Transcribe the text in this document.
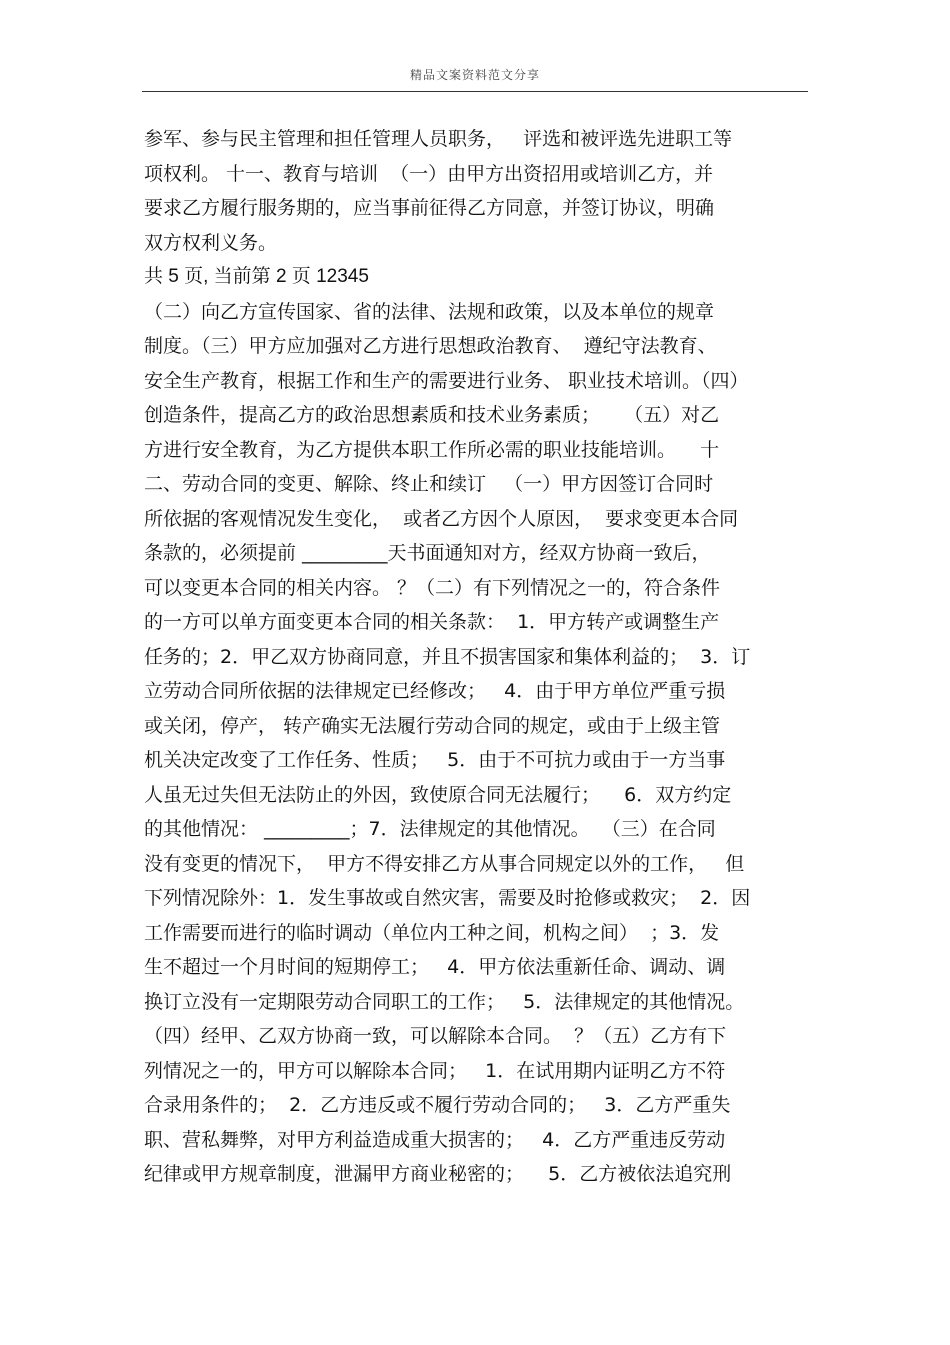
精品文案资料范文分享
参军、参与民主管理和担任管理人员职务，   评选和被评选先进职工等
项权利。 十一、教育与培训  （一）由甲方出资招用或培训乙方，并
要求乙方履行服务期的，应当事前征得乙方同意，并签订协议，明确
双方权利义务。
共 5 页, 当前第 2 页 12345
（二）向乙方宣传国家、省的法律、法规和政策，以及本单位的规章
制度。（三）甲方应加强对乙方进行思想政治教育、  遵纪守法教育、
安全生产教育，根据工作和生产的需要进行业务、 职业技术培训。（四）
创造条件，提高乙方的政治思想素质和技术业务素质；    （五）对乙
方进行安全教育，为乙方提供本职工作所必需的职业技能培训。    十
二、劳动合同的变更、解除、终止和续订   （一）甲方因签订合同时
所依据的客观情况发生变化，  或者乙方因个人原因，  要求变更本合同
条款的，必须提前 _________天书面通知对方，经双方协商一致后，
可以变更本合同的相关内容。 ？（二）有下列情况之一的，符合条件
的一方可以单方面变更本合同的相关条款：  1．甲方转产或调整生产
任务的；2．甲乙双方协商同意，并且不损害国家和集体利益的；  3．订
立劳动合同所依据的法律规定已经修改；   4．由于甲方单位严重亏损
或关闭，停产， 转产确实无法履行劳动合同的规定，或由于上级主管
机关决定改变了工作任务、性质；   5．由于不可抗力或由于一方当事
人虽无过失但无法防止的外因，致使原合同无法履行；    6．双方约定
的其他情况： _________；7．法律规定的其他情况。  （三）在合同
没有变更的情况下，  甲方不得安排乙方从事合同规定以外的工作，   但
下列情况除外：1．发生事故或自然灾害，需要及时抢修或救灾；  2．因
工作需要而进行的临时调动（单位内工种之间，机构之间）  ；3．发
生不超过一个月时间的短期停工；   4．甲方依法重新任命、调动、调
换订立没有一定期限劳动合同职工的工作；   5．法律规定的其他情况。
（四）经甲、乙双方协商一致，可以解除本合同。  ？（五）乙方有下
列情况之一的，甲方可以解除本合同；   1．在试用期内证明乙方不符
合录用条件的；  2．乙方违反或不履行劳动合同的；   3．乙方严重失
职、营私舞弊，对甲方利益造成重大损害的；   4．乙方严重违反劳动
纪律或甲方规章制度，泄漏甲方商业秘密的；    5．乙方被依法追究刑
